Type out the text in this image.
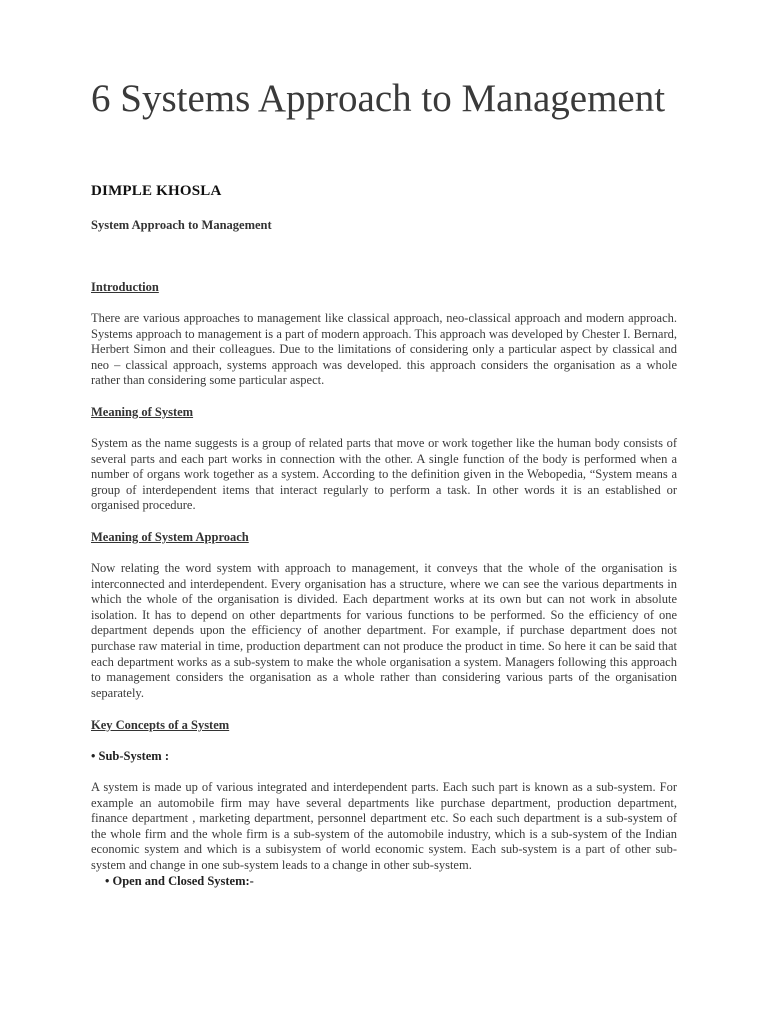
6 Systems Approach to Management

DIMPLE KHOSLA

System Approach to Management

Introduction

There are various approaches to management like classical approach, neo-classical approach and modern approach. Systems approach to management is a part of modern approach. This approach was developed by Chester I. Bernard, Herbert Simon and their colleagues. Due to the limitations of considering only a particular aspect by classical and neo – classical approach, systems approach was developed. this approach considers the organisation as a whole rather than considering some particular aspect.

Meaning of System

System as the name suggests is a group of related parts that move or work together like the human body consists of several parts and each part works in connection with the other. A single function of the body is performed when a number of organs work together as a system. According to the definition given in the Webopedia, “System means a group of interdependent items that interact regularly to perform a task. In other words it is an established or organised procedure.

Meaning of System Approach

Now relating the word system with approach to management, it conveys that the whole of the organisation is interconnected and interdependent. Every organisation has a structure, where we can see the various departments in which the whole of the organisation is divided. Each department works at its own but can not work in absolute isolation. It has to depend on other departments for various functions to be performed. So the efficiency of one department depends upon the efficiency of another department. For example, if purchase department does not purchase raw material in time, production department can not produce the product in time. So here it can be said that each department works as a sub-system to make the whole organisation a system. Managers following this approach to management considers the organisation as a whole rather than considering various parts of the organisation separately.

Key Concepts of a System

• Sub-System :

A system is made up of various integrated and interdependent parts. Each such part is known as a sub-system. For example an automobile firm may have several departments like purchase department, production department, finance department , marketing department, personnel department etc. So each such department is a sub-system of the whole firm and the whole firm is a sub-system of the automobile industry, which is a sub-system of the Indian economic system and which is a subisystem of world economic system. Each sub-system is a part of other sub-system and change in one sub-system leads to a change in other sub-system.

• Open and Closed System:-
